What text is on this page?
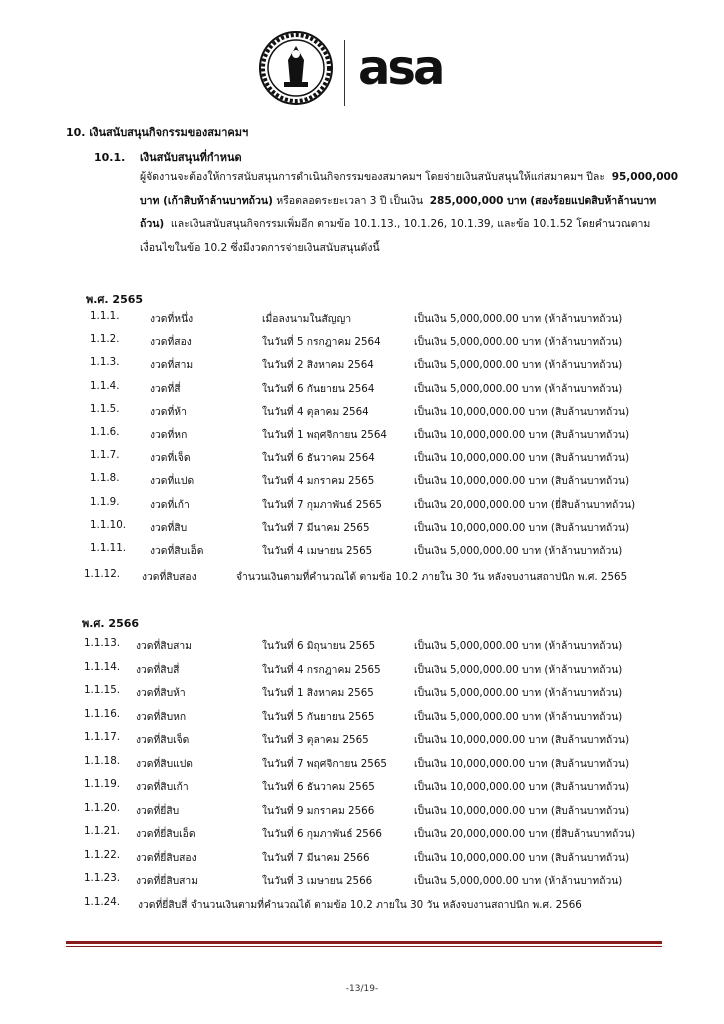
asa
10. เงินสนับสนุนกิจกรรมของสมาคมฯ
10.1. เงินสนับสนุนที่กำหนด

ผู้จัดงานจะต้องให้การสนับสนุนการดำเนินกิจกรรมของสมาคมฯ โดยจ่ายเงินสนับสนุนให้แก่สมาคมฯ ปีละ 95,000,000

บาท (เก้าสิบห้าล้านบาทถ้วน) หรือตลอดระยะเวลา 3 ปี เป็นเงิน 285,000,000 บาท (สองร้อยแปดสิบห้าล้านบาท

ถ้วน) และเงินสนับสนุนกิจกรรมเพิ่มอีก ตามข้อ 10.1.13., 10.1.26, 10.1.39, และข้อ 10.1.52 โดยคำนวณตาม

เงื่อนไขในข้อ 10.2 ซึ่งมีงวดการจ่ายเงินสนับสนุนดังนี้

พ.ศ. 2565
1.1.1.	งวดที่หนึ่ง	เมื่อลงนามในสัญญา	เป็นเงิน 5,000,000.00 บาท (ห้าล้านบาทถ้วน)
1.1.2.	งวดที่สอง	ในวันที่ 5 กรกฎาคม 2564	เป็นเงิน 5,000,000.00 บาท (ห้าล้านบาทถ้วน)
1.1.3.	งวดที่สาม	ในวันที่ 2 สิงหาคม 2564	เป็นเงิน 5,000,000.00 บาท (ห้าล้านบาทถ้วน)
1.1.4.	งวดที่สี่	ในวันที่ 6 กันยายน 2564	เป็นเงิน 5,000,000.00 บาท (ห้าล้านบาทถ้วน)
1.1.5.	งวดที่ห้า	ในวันที่ 4 ตุลาคม 2564	เป็นเงิน 10,000,000.00 บาท (สิบล้านบาทถ้วน)
1.1.6.	งวดที่หก	ในวันที่ 1 พฤศจิกายน 2564	เป็นเงิน 10,000,000.00 บาท (สิบล้านบาทถ้วน)
1.1.7.	งวดที่เจ็ด	ในวันที่ 6 ธันวาคม 2564	เป็นเงิน 10,000,000.00 บาท (สิบล้านบาทถ้วน)
1.1.8.	งวดที่แปด	ในวันที่ 4 มกราคม 2565	เป็นเงิน 10,000,000.00 บาท (สิบล้านบาทถ้วน)
1.1.9.	งวดที่เก้า	ในวันที่ 7 กุมภาพันธ์ 2565	เป็นเงิน 20,000,000.00 บาท (ยี่สิบล้านบาทถ้วน)
1.1.10. งวดที่สิบ	ในวันที่ 7 มีนาคม 2565	เป็นเงิน 10,000,000.00 บาท (สิบล้านบาทถ้วน)
1.1.11. งวดที่สิบเอ็ด	ในวันที่ 4 เมษายน 2565	เป็นเงิน 5,000,000.00 บาท (ห้าล้านบาทถ้วน)
1.1.12. งวดที่สิบสอง	จำนวนเงินตามที่คำนวณได้ ตามข้อ 10.2 ภายใน 30 วัน หลังจบงานสถาปนิก พ.ศ. 2565
พ.ศ. 2566
1.1.13. งวดที่สิบสาม	ในวันที่ 6 มิถุนายน 2565	เป็นเงิน 5,000,000.00 บาท (ห้าล้านบาทถ้วน)
1.1.14. งวดที่สิบสี่	ในวันที่ 4 กรกฎาคม 2565	เป็นเงิน 5,000,000.00 บาท (ห้าล้านบาทถ้วน)
1.1.15. งวดที่สิบห้า	ในวันที่ 1 สิงหาคม 2565	เป็นเงิน 5,000,000.00 บาท (ห้าล้านบาทถ้วน)
1.1.16. งวดที่สิบหก	ในวันที่ 5 กันยายน 2565	เป็นเงิน 5,000,000.00 บาท (ห้าล้านบาทถ้วน)
1.1.17. งวดที่สิบเจ็ด	ในวันที่ 3 ตุลาคม 2565	เป็นเงิน 10,000,000.00 บาท (สิบล้านบาทถ้วน)
1.1.18. งวดที่สิบแปด	ในวันที่ 7 พฤศจิกายน 2565	เป็นเงิน 10,000,000.00 บาท (สิบล้านบาทถ้วน)
1.1.19. งวดที่สิบเก้า	ในวันที่ 6 ธันวาคม 2565	เป็นเงิน 10,000,000.00 บาท (สิบล้านบาทถ้วน)
1.1.20. งวดที่ยี่สิบ	ในวันที่ 9 มกราคม 2566	เป็นเงิน 10,000,000.00 บาท (สิบล้านบาทถ้วน)
1.1.21. งวดที่ยี่สิบเอ็ด	ในวันที่ 6 กุมภาพันธ์ 2566	เป็นเงิน 20,000,000.00 บาท (ยี่สิบล้านบาทถ้วน)
1.1.22. งวดที่ยี่สิบสอง	ในวันที่ 7 มีนาคม 2566	เป็นเงิน 10,000,000.00 บาท (สิบล้านบาทถ้วน)
1.1.23. งวดที่ยี่สิบสาม	ในวันที่ 3 เมษายน 2566	เป็นเงิน 5,000,000.00 บาท (ห้าล้านบาทถ้วน)
1.1.24. งวดที่ยี่สิบสี่ จำนวนเงินตามที่คำนวณได้ ตามข้อ 10.2 ภายใน 30 วัน หลังจบงานสถาปนิก พ.ศ. 2566
-13/19-
